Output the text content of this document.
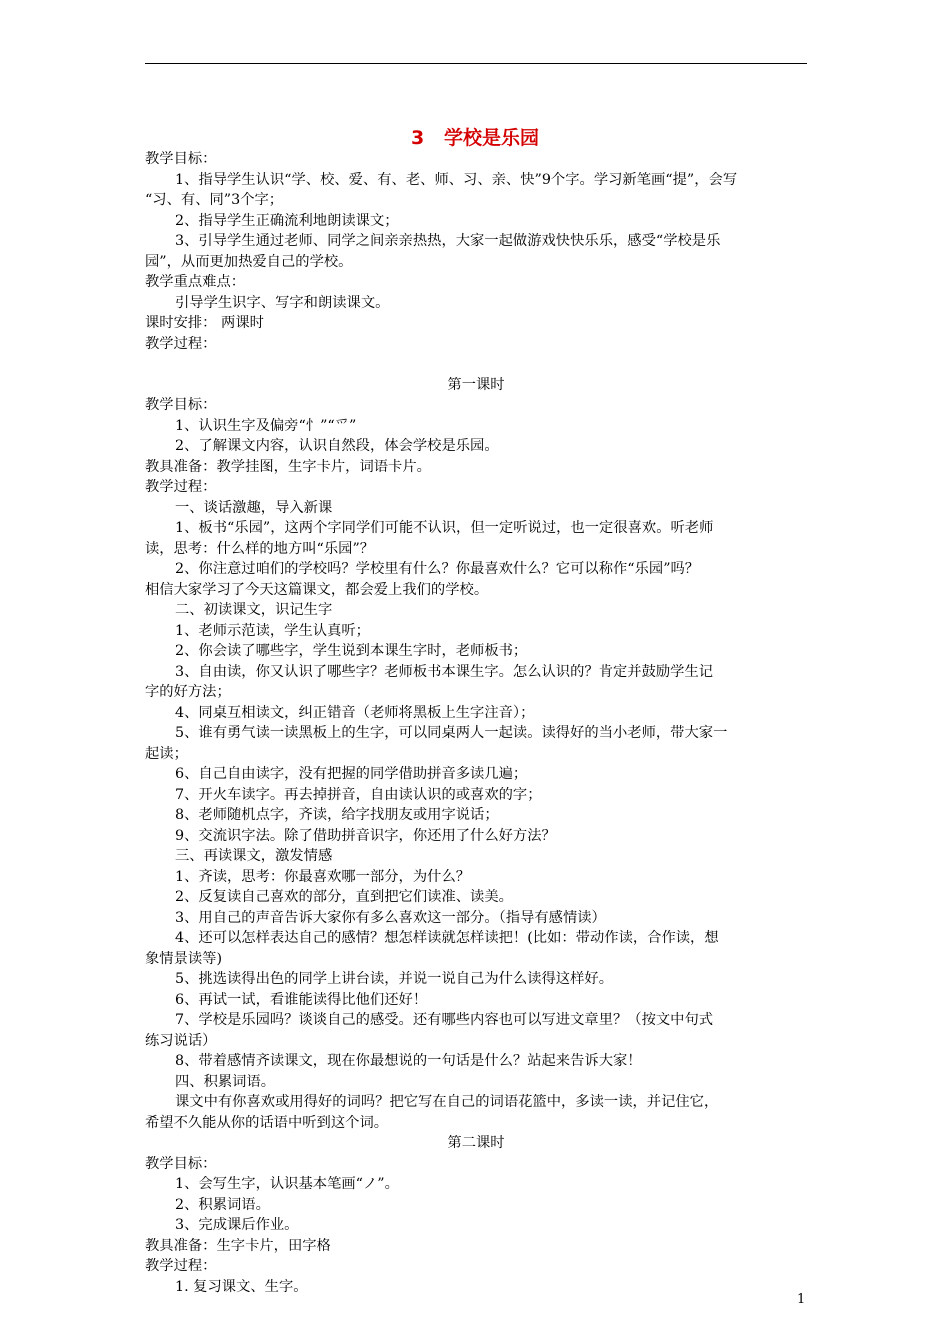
3   学校是乐园
教学目标：
1、指导学生认识“学、校、爱、有、老、师、习、亲、快”9个字。学习新笔画“提”，会写
“习、有、同”3个字；
2、指导学生正确流利地朗读课文；
3、引导学生通过老师、同学之间亲亲热热，大家一起做游戏快快乐乐，感受“学校是乐
园”，从而更加热爱自己的学校。
教学重点难点：
引导学生识字、写字和朗读课文。
课时安排： 两课时
教学过程：
第一课时
教学目标：
1、认识生字及偏旁“忄”“爫”
2、了解课文内容，认识自然段，体会学校是乐园。
教具准备：教学挂图，生字卡片，词语卡片。
教学过程：
一、谈话激趣，导入新课
1、板书“乐园”，这两个字同学们可能不认识，但一定听说过，也一定很喜欢。听老师
读，思考：什么样的地方叫“乐园”？
2、你注意过咱们的学校吗？学校里有什么？你最喜欢什么？它可以称作“乐园”吗？
相信大家学习了今天这篇课文，都会爱上我们的学校。
二、初读课文，识记生字
1、老师示范读，学生认真听；
2、你会读了哪些字，学生说到本课生字时，老师板书；
3、自由读，你又认识了哪些字？老师板书本课生字。怎么认识的？肯定并鼓励学生记
字的好方法；
4、同桌互相读文，纠正错音（老师将黑板上生字注音）；
5、谁有勇气读一读黑板上的生字，可以同桌两人一起读。读得好的当小老师，带大家一
起读；
6、自己自由读字，没有把握的同学借助拼音多读几遍；
7、开火车读字。再去掉拼音，自由读认识的或喜欢的字；
8、老师随机点字，齐读，给字找朋友或用字说话；
9、交流识字法。除了借助拼音识字，你还用了什么好方法？
三、再读课文，激发情感
1、齐读，思考：你最喜欢哪一部分，为什么？
2、反复读自己喜欢的部分，直到把它们读准、读美。
3、用自己的声音告诉大家你有多么喜欢这一部分。（指导有感情读）
4、还可以怎样表达自己的感情？想怎样读就怎样读把！(比如：带动作读，合作读，想
象情景读等)
5、挑选读得出色的同学上讲台读，并说一说自己为什么读得这样好。
6、再试一试，看谁能读得比他们还好！
7、学校是乐园吗？谈谈自己的感受。还有哪些内容也可以写进文章里？（按文中句式
练习说话）
8、带着感情齐读课文，现在你最想说的一句话是什么？站起来告诉大家！
四、积累词语。
课文中有你喜欢或用得好的词吗？把它写在自己的词语花篮中，多读一读，并记住它，
希望不久能从你的话语中听到这个词。
第二课时
教学目标：
1、会写生字，认识基本笔画“ノ”。
2、积累词语。
3、完成课后作业。
教具准备：生字卡片，田字格
教学过程：
1. 复习课文、生字。
1
